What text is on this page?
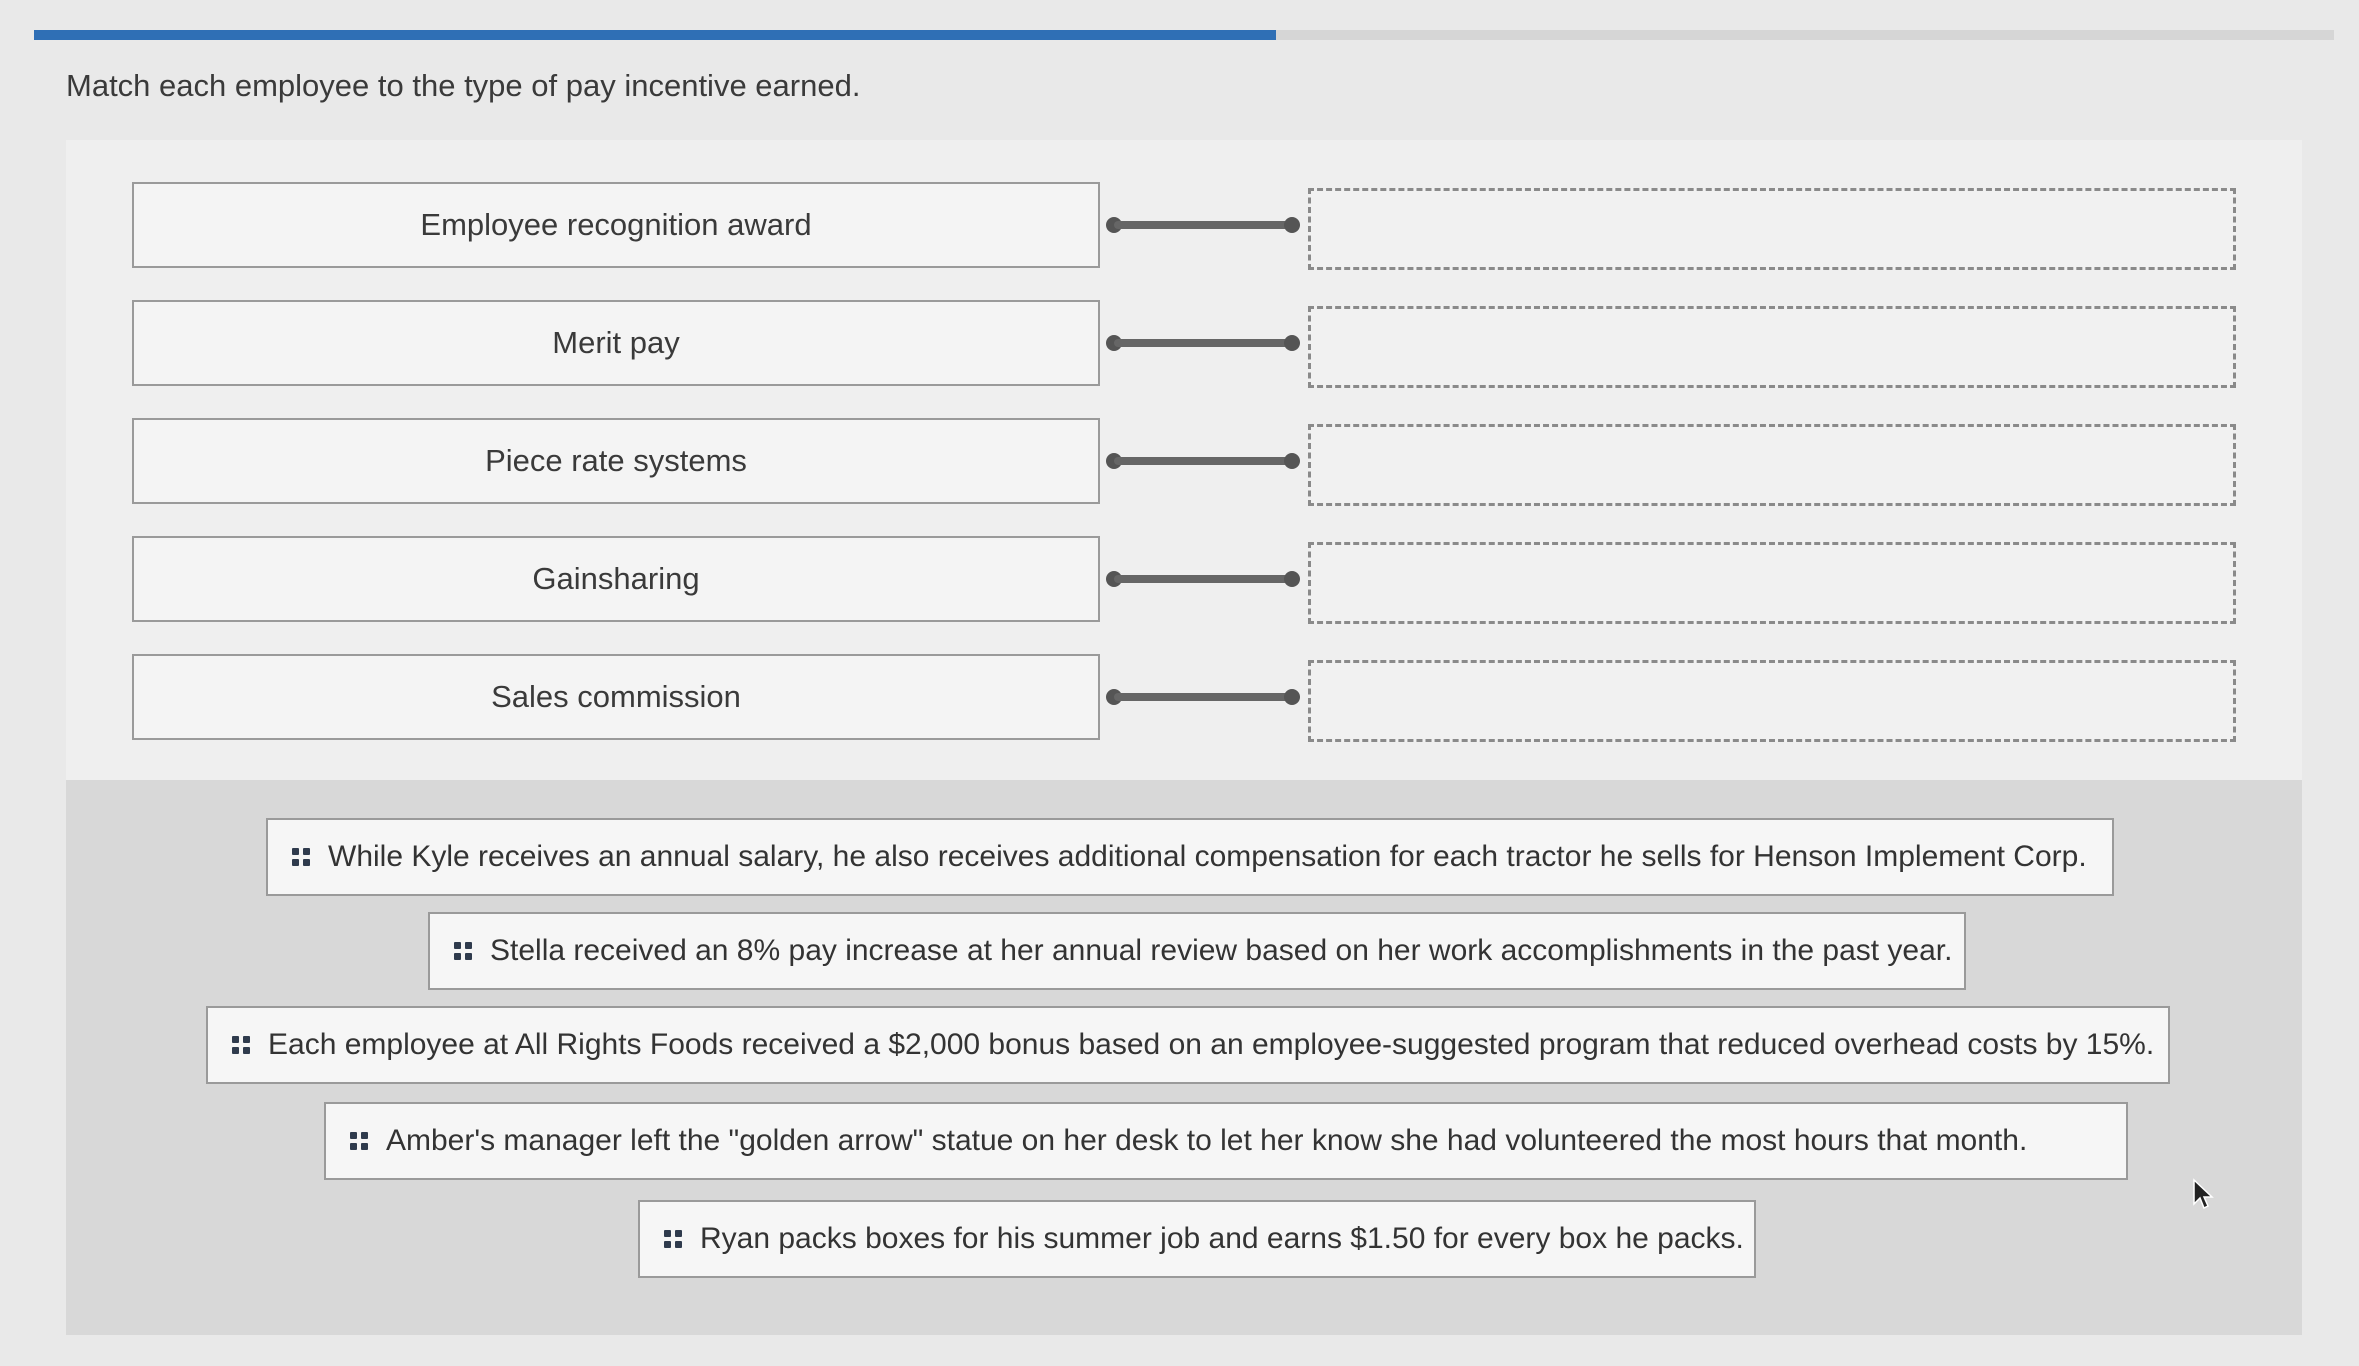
Match each employee to the type of pay incentive earned.
Employee recognition award
Merit pay
Piece rate systems
Gainsharing
Sales commission
While Kyle receives an annual salary, he also receives additional compensation for each tractor he sells for Henson Implement Corp.
Stella received an 8% pay increase at her annual review based on her work accomplishments in the past year.
Each employee at All Rights Foods received a $2,000 bonus based on an employee-suggested program that reduced overhead costs by 15%.
Amber's manager left the "golden arrow" statue on her desk to let her know she had volunteered the most hours that month.
Ryan packs boxes for his summer job and earns $1.50 for every box he packs.
